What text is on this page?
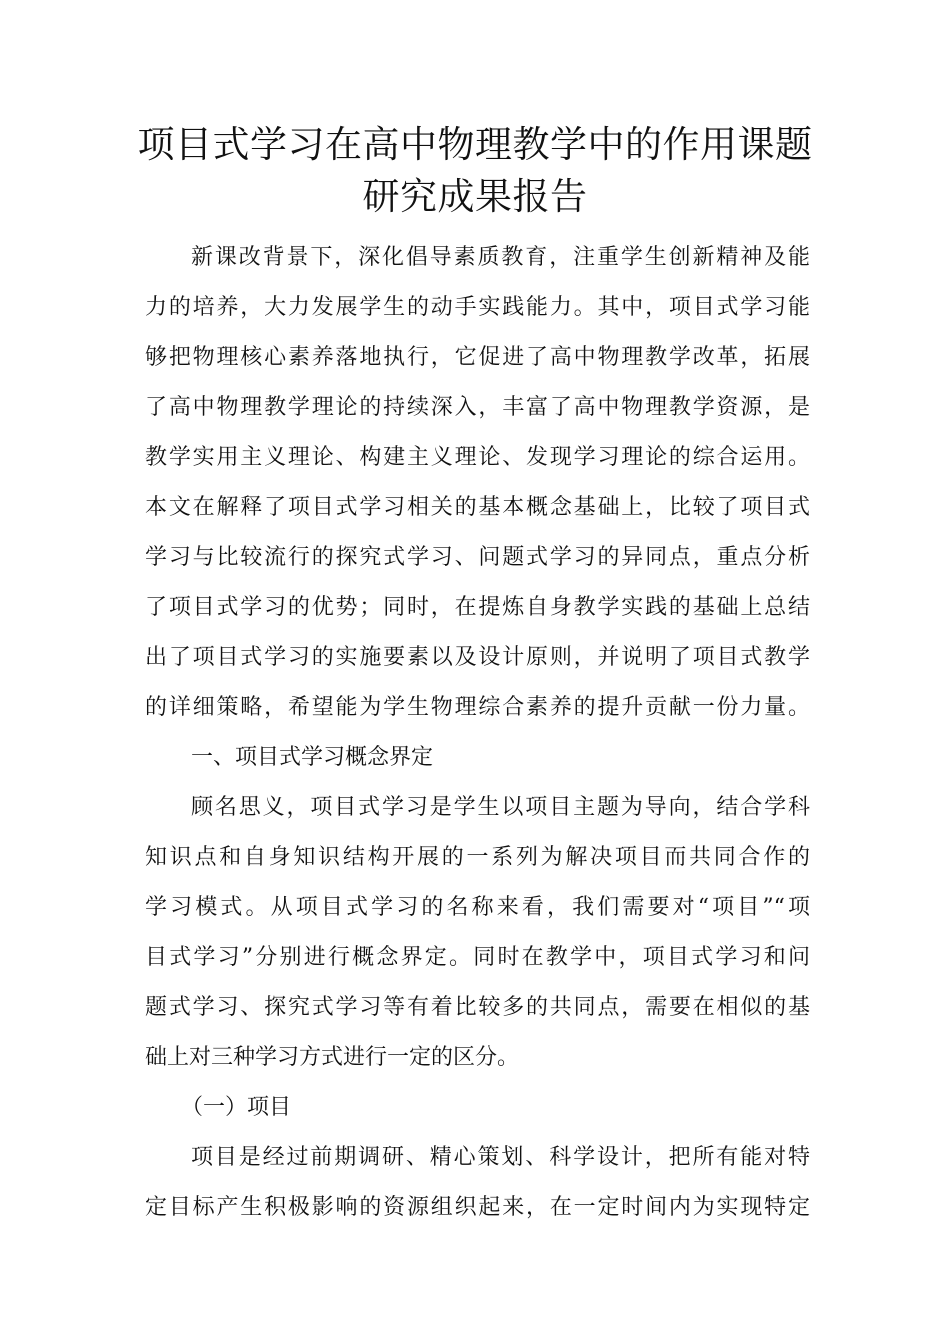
项目式学习在高中物理教学中的作用课题
研究成果报告
新课改背景下，深化倡导素质教育，注重学生创新精神及能
力的培养，大力发展学生的动手实践能力。其中，项目式学习能
够把物理核心素养落地执行，它促进了高中物理教学改革，拓展
了高中物理教学理论的持续深入，丰富了高中物理教学资源，是
教学实用主义理论、构建主义理论、发现学习理论的综合运用。
本文在解释了项目式学习相关的基本概念基础上，比较了项目式
学习与比较流行的探究式学习、问题式学习的异同点，重点分析
了项目式学习的优势；同时，在提炼自身教学实践的基础上总结
出了项目式学习的实施要素以及设计原则，并说明了项目式教学
的详细策略，希望能为学生物理综合素养的提升贡献一份力量。
一、项目式学习概念界定
顾名思义，项目式学习是学生以项目主题为导向，结合学科
知识点和自身知识结构开展的一系列为解决项目而共同合作的
学习模式。从项目式学习的名称来看，我们需要对“项目”“项
目式学习”分别进行概念界定。同时在教学中，项目式学习和问
题式学习、探究式学习等有着比较多的共同点，需要在相似的基
础上对三种学习方式进行一定的区分。
（一）项目
项目是经过前期调研、精心策划、科学设计，把所有能对特
定目标产生积极影响的资源组织起来，在一定时间内为实现特定
